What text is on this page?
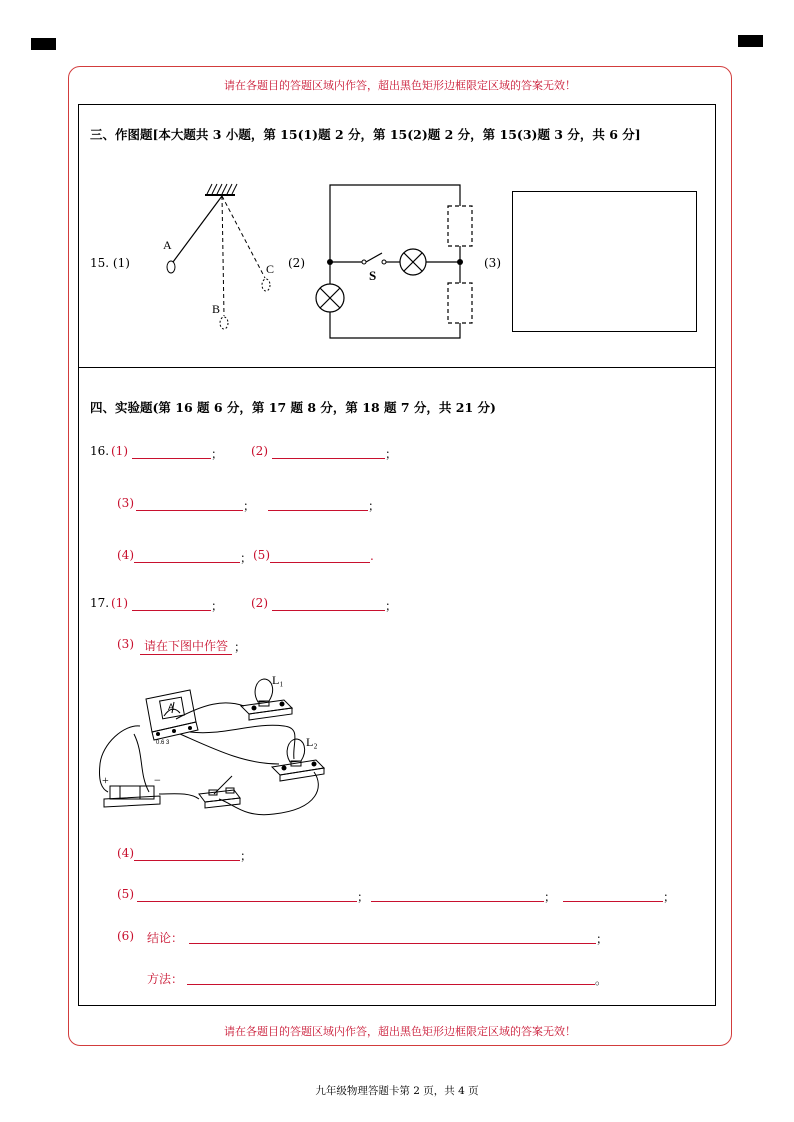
请在各题目的答题区域内作答，超出黑色矩形边框限定区域的答案无效！
三、作图题[本大题共 3 小题，第 15(1)题 2 分，第 15(2)题 2 分，第 15(3)题 3 分，共 6 分]
15. (1)
A
B
C (2)
S
(3)
四、实验题(第 16 题 6 分，第 17 题 8 分，第 18 题 7 分，共 21 分)
16. (1)	； (2)	；
(3)	；	；
(4)	； (5)	.
17. (1)	； (2)	；
(3) 请在下图中作答 ；
L₁
L₂
+	−
A
0.6 3
(4)	；
(5)	；	；	；
(6) 结论：	；
方法：	。
请在各题目的答题区域内作答，超出黑色矩形边框限定区域的答案无效！
九年级物理答题卡第 2 页，共 4 页
